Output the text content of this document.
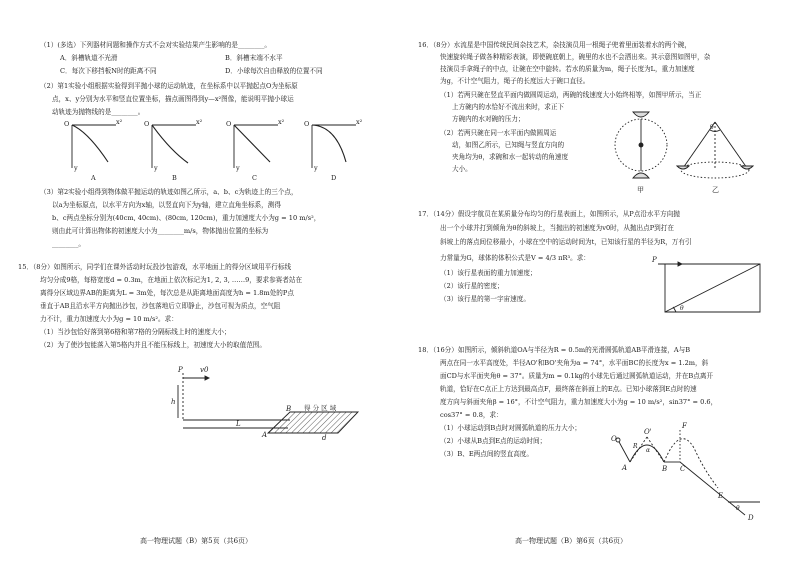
（1）(多选）下列器材问题和操作方式不会对实验结果产生影响的是________。
A．斜槽轨道不光滑	B．斜槽末端不水平
C．每次下移挡板N时的距离不同	D．小球每次自由释放的位置不同
（2）第1实验小组根据实验得到平抛小球的运动轨迹，在坐标系中以平抛起点O为坐标原
点，x、y分别为水平和竖直位置坐标，描点画图得到y—x²图像，能说明平抛小球运
动轨迹为抛物线的是________。
O	O	O	O
x²	x²	x²	x²
y	y	y	y
A	B	C	D
（3）第2实验小组得到物体做平抛运动的轨迹如图乙所示，a、b、c为轨迹上的三个点，
以a为坐标原点，以水平方向为x轴，以竖直向下为y轴，建立直角坐标系，测得
b、c两点坐标分别为(40cm, 40cm)、(80cm, 120cm)，重力加速度大小为g = 10 m/s²，
则由此可计算出物体的初速度大小为________m/s，物体抛出位置的坐标为
________。
15．（8分）如图所示，同学们在课外活动时玩投沙包游戏，水平地面上的得分区域用平行标线
均匀分成9格，每格宽度d = 0.3m，在地面上依次标记为1, 2, 3, ……9，要求参赛者站在
离得分区域边界AB的距离为L = 3m处，每次总是从距离地面高度为h = 1.8m处的P点
垂直于AB且沿水平方向抛出沙包，沙包落地后立即静止，沙包可视为质点，空气阻
力不计，重力加速度大小为g = 10 m/s²。求：
（1）当沙包恰好落到第6格和第7格的分隔标线上时的速度大小；
（2）为了使沙包能落入第5格内并且不能压标线上，初速度大小的取值范围。
P v0
h
L
A
B
d
得 分 区 域
高一物理试题（B）第5页（共6页）
16．（8分）水流星是中国传统民间杂技艺术，杂技演员用一根绳子兜着里面装着水的两个碗，
快速旋转绳子做各种精彩表演，即使碗底朝上，碗里的水也不会洒出来。其示意图如图甲，杂
技演员手拿绳子的中点，让碗在空中旋转。若水的质量为m，绳子长度为L，重力加速度
为g，不计空气阻力，绳子的长度远大于碗口直径。
（1）若两只碗在竖直平面内做圆周运动，两碗的线速度大小始终相等，如图甲所示，当正
上方碗内的水恰好不流出来时，求正下
方碗内的水对碗的压力；
（2）若两只碗在同一水平面内做圆周运
动，如图乙所示，已知绳与竖直方向的
夹角均为θ，求碗和水一起转动的角速度
大小。
θ
甲	乙
17．（14分）假设宇航员在某质量分布均匀的行星表面上，如图所示，从P点沿水平方向抛
出一个小球并打到倾角为θ的斜坡上，当抛出的初速度为v0时，从抛出点P到打在
斜坡上的落点间位移最小，小球在空中的运动时间为t，已知该行星的半径为R，万有引
力常量为G，球体的体积公式是V = 4/3 πR³。求：
（1）该行星表面的重力加速度；
（2）该行星的密度；
（3）该行星的第一宇宙速度。
P
θ
18．（16分）如图所示，倾斜轨道OA与半径为R = 0.5m的光滑圆弧轨道AB平滑连接，A与B
两点在同一水平高度处，半径AO'和BO'夹角为α = 74°，水平面BC的长度为x = 1.2m，斜
面CD与水平面夹角θ = 37°。质量为m = 0.1kg的小球先后通过圆弧轨道运动，并在B点离开
轨道，恰好在C点正上方达到最高点F，最终落在斜面上的E点。已知小球落到E点时的速
度方向与斜面夹角β = 16°，不计空气阻力，重力加速度大小为g = 10 m/s²，sin37° = 0.6，
cos37° = 0.8，求：
（1）小球运动到B点时对圆弧轨道的压力大小；
（2）小球从B点到E点的运动时间；
（3）B、E两点间的竖直高度。
O
O'
R
α
A	B C
F
E
D
θ
高一物理试题（B）第6页（共6页）
